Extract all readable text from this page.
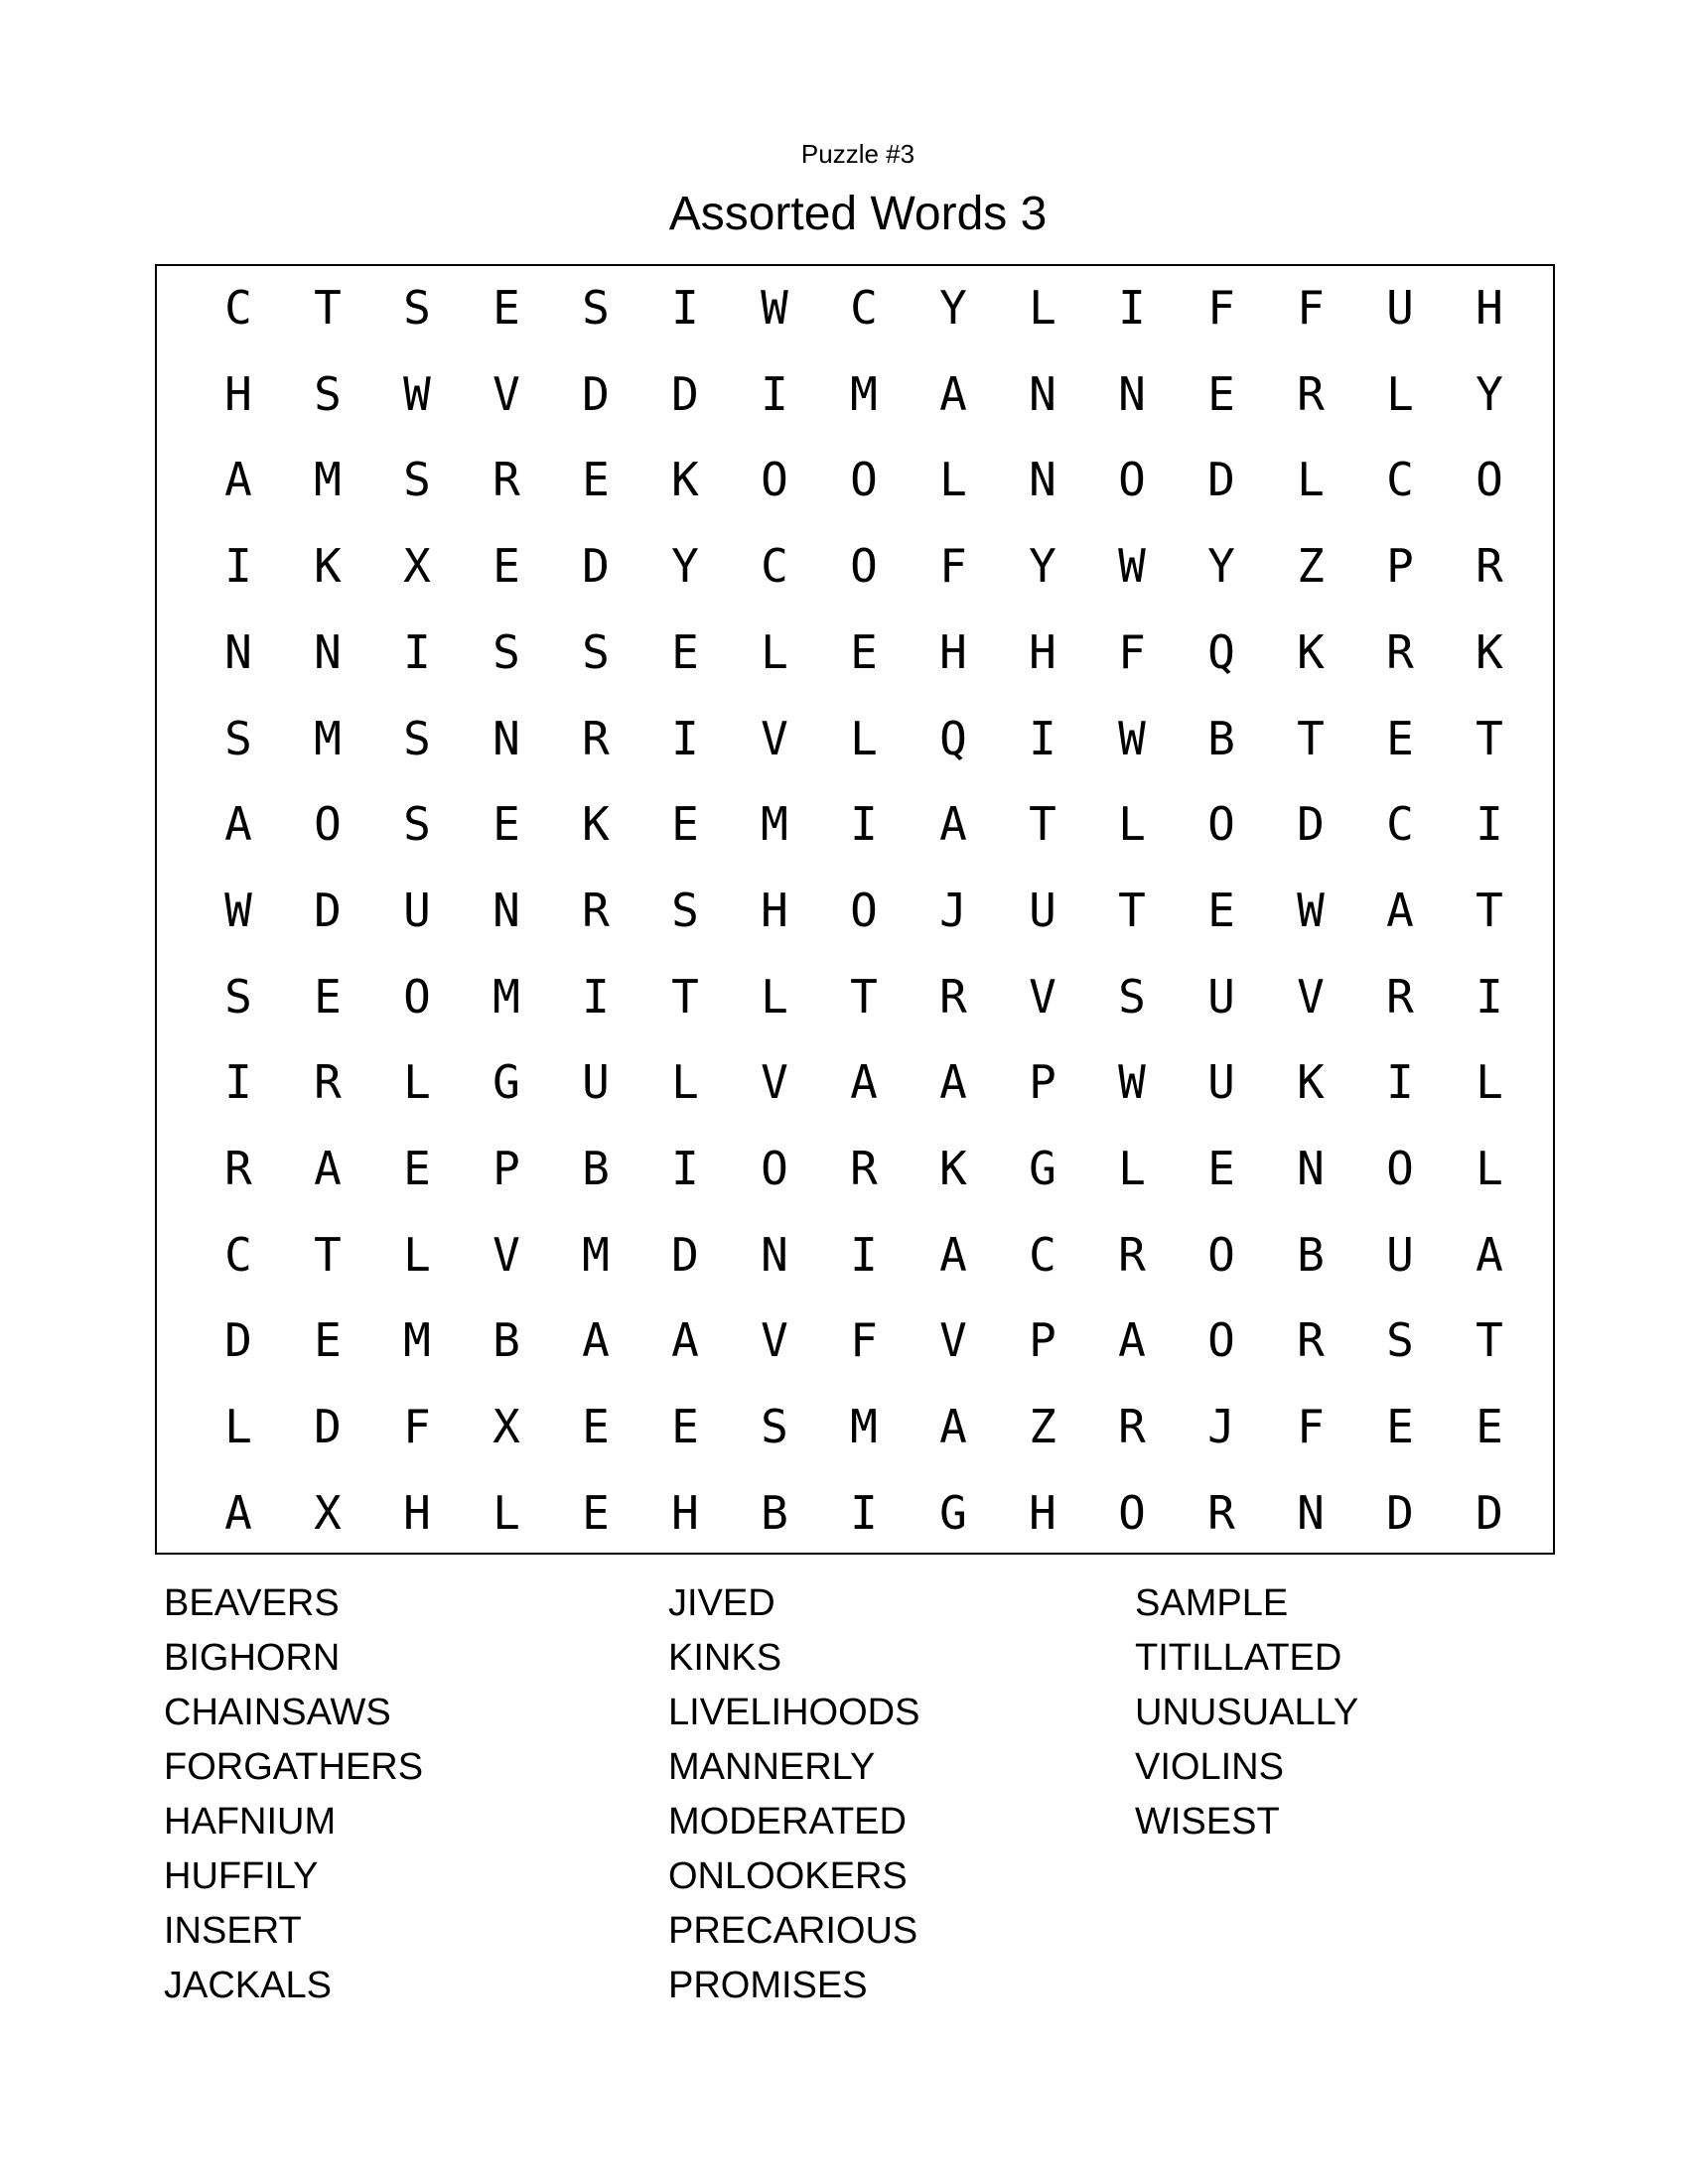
Puzzle #3
Assorted Words 3
C	T	S	E	S	I	W	C	Y	L	I	F	F	U	H
H	S	W	V	D	D	I	M	A	N	N	E	R	L	Y
A	M	S	R	E	K	O	O	L	N	O	D	L	C	O
I	K	X	E	D	Y	C	O	F	Y	W	Y	Z	P	R
N	N	I	S	S	E	L	E	H	H	F	Q	K	R	K
S	M	S	N	R	I	V	L	Q	I	W	B	T	E	T
A	O	S	E	K	E	M	I	A	T	L	O	D	C	I
W	D	U	N	R	S	H	O	J	U	T	E	W	A	T
S	E	O	M	I	T	L	T	R	V	S	U	V	R	I
I	R	L	G	U	L	V	A	A	P	W	U	K	I	L
R	A	E	P	B	I	O	R	K	G	L	E	N	O	L
C	T	L	V	M	D	N	I	A	C	R	O	B	U	A
D	E	M	B	A	A	V	F	V	P	A	O	R	S	T
L	D	F	X	E	E	S	M	A	Z	R	J	F	E	E
A	X	H	L	E	H	B	I	G	H	O	R	N	D	D
BEAVERS
BIGHORN
CHAINSAWS
FORGATHERS
HAFNIUM
HUFFILY
INSERT
JACKALS
JIVED
KINKS
LIVELIHOODS
MANNERLY
MODERATED
ONLOOKERS
PRECARIOUS
PROMISES
SAMPLE
TITILLATED
UNUSUALLY
VIOLINS
WISEST
